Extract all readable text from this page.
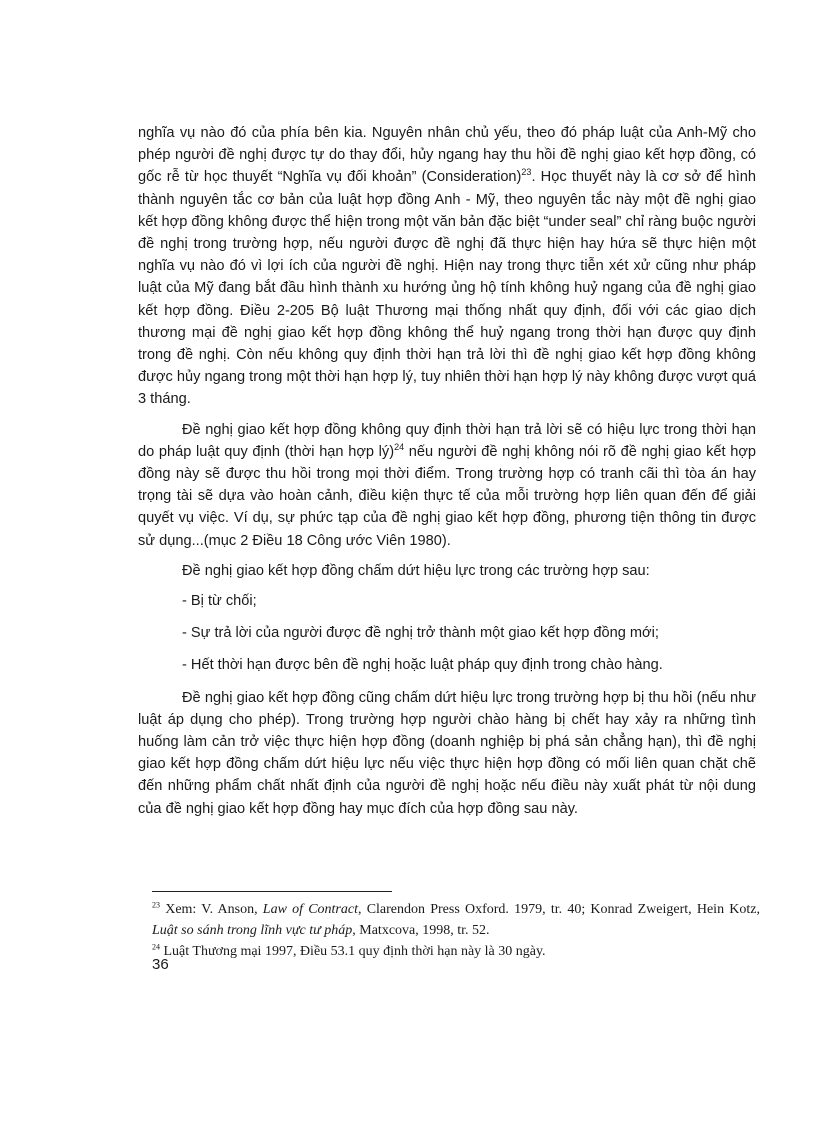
nghĩa vụ nào đó của phía bên kia. Nguyên nhân chủ yếu, theo đó pháp luật của Anh-Mỹ cho phép người đề nghị được tự do thay đổi, hủy ngang hay thu hồi đề nghị giao kết hợp đồng, có gốc rễ từ học thuyết “Nghĩa vụ đối khoản” (Consideration)$^{23}$. Học thuyết này là cơ sở để hình thành nguyên tắc cơ bản của luật hợp đồng Anh - Mỹ, theo nguyên tắc này một đề nghị giao kết hợp đồng không được thể hiện trong một văn bản đặc biệt “under seal” chỉ ràng buộc người đề nghị trong trường hợp, nếu người được đề nghị đã thực hiện hay hứa sẽ thực hiện một nghĩa vụ nào đó vì lợi ích của người đề nghị. Hiện nay trong thực tiễn xét xử cũng như pháp luật của Mỹ đang bắt đầu hình thành xu hướng ủng hộ tính không huỷ ngang của đề nghị giao kết hợp đồng. Điều 2-205 Bộ luật Thương mại thống nhất quy định, đối với các giao dịch thương mại đề nghị giao kết hợp đồng không thể huỷ ngang trong thời hạn được quy định trong đề nghị. Còn nếu không quy định thời hạn trả lời thì đề nghị giao kết hợp đồng không được hủy ngang trong một thời hạn hợp lý, tuy nhiên thời hạn hợp lý này không được vượt quá 3 tháng.

Đề nghị giao kết hợp đồng không quy định thời hạn trả lời sẽ có hiệu lực trong thời hạn do pháp luật quy định (thời hạn hợp lý)$^{24}$ nếu người đề nghị không nói rõ đề nghị giao kết hợp đồng này sẽ được thu hồi trong mọi thời điểm. Trong trường hợp có tranh cãi thì tòa án hay trọng tài sẽ dựa vào hoàn cảnh, điều kiện thực tế của mỗi trường hợp liên quan đến để giải quyết vụ việc. Ví dụ, sự phức tạp của đề nghị giao kết hợp đồng, phương tiện thông tin được sử dụng...(mục 2 Điều 18 Công ước Viên 1980).

Đề nghị giao kết hợp đồng chấm dứt hiệu lực trong các trường hợp sau:

- Bị từ chối;

- Sự trả lời của người được đề nghị trở thành một giao kết hợp đồng mới;

- Hết thời hạn được bên đề nghị hoặc luật pháp quy định trong chào hàng.

Đề nghị giao kết hợp đồng cũng chấm dứt hiệu lực trong trường hợp bị thu hồi (nếu như luật áp dụng cho phép). Trong trường hợp người chào hàng bị chết hay xảy ra những tình huống làm cản trở việc thực hiện hợp đồng (doanh nghiệp bị phá sản chẳng hạn), thì đề nghị giao kết hợp đồng chấm dứt hiệu lực nếu việc thực hiện hợp đồng có mối liên quan chặt chẽ đến những phẩm chất nhất định của người đề nghị hoặc nếu điều này xuất phát từ nội dung của đề nghị giao kết hợp đồng hay mục đích của hợp đồng sau này.

$^{23}$ Xem: V. Anson, Law of Contract, Clarendon Press Oxford. 1979, tr. 40; Konrad Zweigert, Hein Kotz, Luật so sánh trong lĩnh vực tư pháp, Matxcova, 1998, tr. 52.

$^{24}$ Luật Thương mại 1997, Điều 53.1 quy định thời hạn này là 30 ngày.

36
